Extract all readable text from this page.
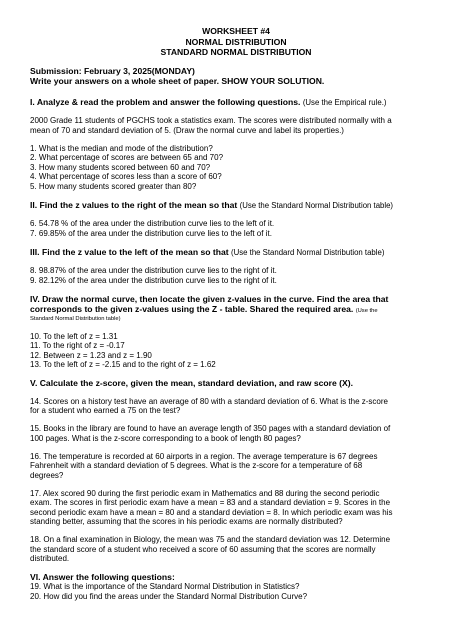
WORKSHEET #4
NORMAL DISTRIBUTION
STANDARD NORMAL DISTRIBUTION
Submission: February 3, 2025(MONDAY)
Write your answers on a whole sheet of paper. SHOW YOUR SOLUTION.
I. Analyze & read the problem and answer the following questions. (Use the Empirical rule.)
2000 Grade 11 students of PGCHS took a statistics exam. The scores were distributed normally with a
mean of 70 and standard deviation of 5. (Draw the normal curve and label its properties.)
1. What is the median and mode of the distribution?
2. What percentage of scores are between 65 and 70?
3. How many students scored between 60 and 70?
4. What percentage of scores less than a score of 60?
5. How many students scored greater than 80?
II. Find the z values to the right of the mean so that (Use the Standard Normal Distribution table)
6. 54.78 % of the area under the distribution curve lies to the left of it.
7. 69.85% of the area under the distribution curve lies to the left of it.
III. Find the z value to the left of the mean so that (Use the Standard Normal Distribution table)
8. 98.87% of the area under the distribution curve lies to the right of it.
9. 82.12% of the area under the distribution curve lies to the right of it.
IV. Draw the normal curve, then locate the given z-values in the curve. Find the area that
corresponds to the given z-values using the Z - table. Shared the required area. (Use the
Standard Normal Distribution table)
10. To the left of z = 1.31
11. To the right of z = -0.17
12. Between z = 1.23 and z = 1.90
13. To the left of z = -2.15 and to the right of z = 1.62
V. Calculate the z-score, given the mean, standard deviation, and raw score (X).
14. Scores on a history test have an average of 80 with a standard deviation of 6. What is the z-score
for a student who earned a 75 on the test?
15. Books in the library are found to have an average length of 350 pages with a standard deviation of
100 pages. What is the z-score corresponding to a book of length 80 pages?
16. The temperature is recorded at 60 airports in a region. The average temperature is 67 degrees
Fahrenheit with a standard deviation of 5 degrees. What is the z-score for a temperature of 68
degrees?
17. Alex scored 90 during the first periodic exam in Mathematics and 88 during the second periodic
exam. The scores in first periodic exam have a mean = 83 and a standard deviation = 9. Scores in the
second periodic exam have a mean = 80 and a standard deviation = 8. In which periodic exam was his
standing better, assuming that the scores in his periodic exams are normally distributed?
18. On a final examination in Biology, the mean was 75 and the standard deviation was 12. Determine
the standard score of a student who received a score of 60 assuming that the scores are normally
distributed.
VI. Answer the following questions:
19. What is the importance of the Standard Normal Distribution in Statistics?
20. How did you find the areas under the Standard Normal Distribution Curve?
